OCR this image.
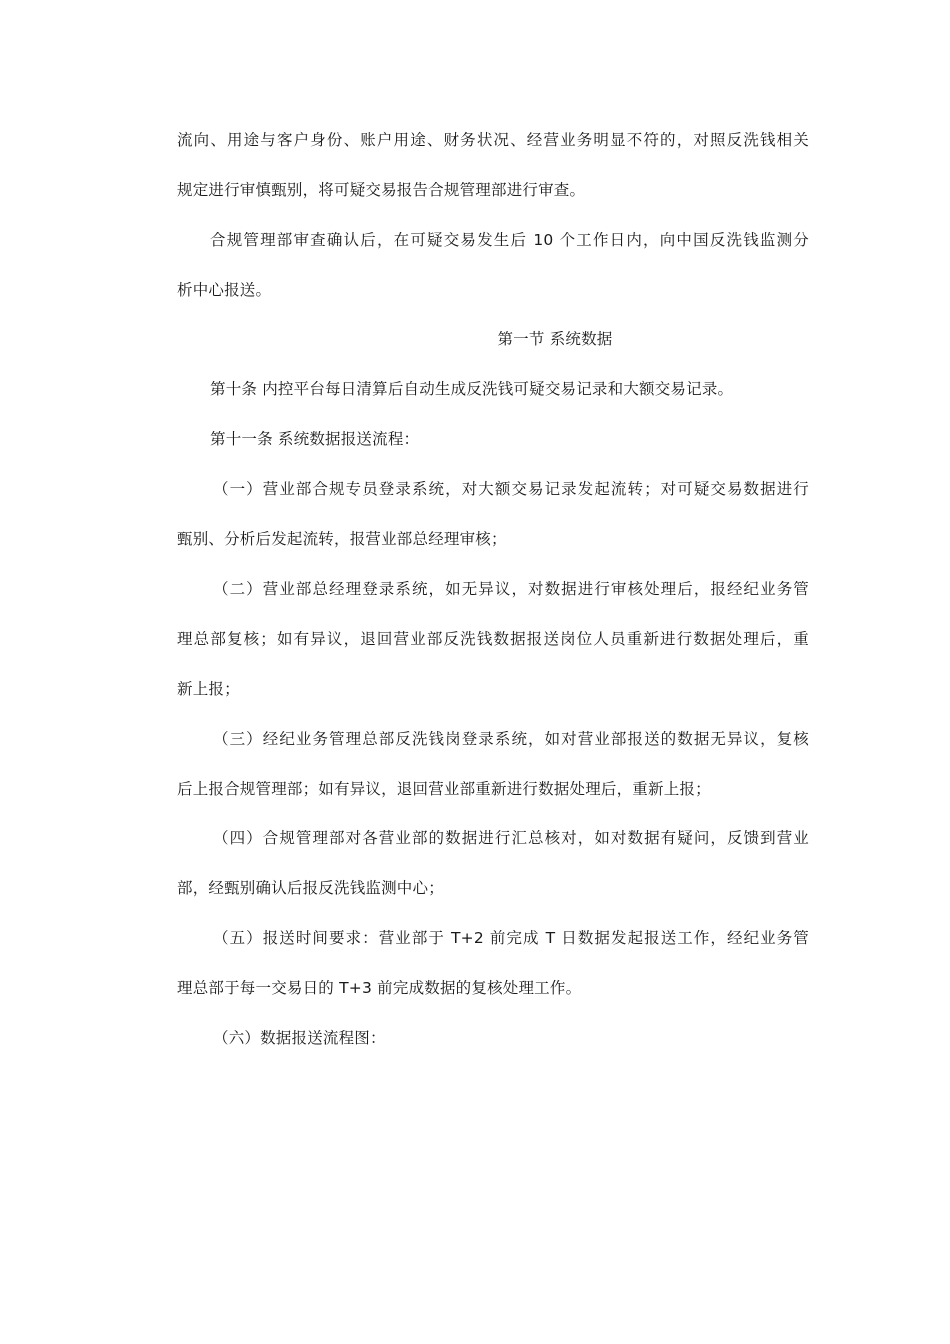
流向、用途与客户身份、账户用途、财务状况、经营业务明显不符的，对照反洗钱相关
规定进行审慎甄别，将可疑交易报告合规管理部进行审查。
合规管理部审查确认后，在可疑交易发生后 10 个工作日内，向中国反洗钱监测分
析中心报送。
第一节 系统数据
第十条 内控平台每日清算后自动生成反洗钱可疑交易记录和大额交易记录。
第十一条 系统数据报送流程：
（一）营业部合规专员登录系统，对大额交易记录发起流转；对可疑交易数据进行
甄别、分析后发起流转，报营业部总经理审核；
（二）营业部总经理登录系统，如无异议，对数据进行审核处理后，报经纪业务管
理总部复核；如有异议，退回营业部反洗钱数据报送岗位人员重新进行数据处理后，重
新上报；
（三）经纪业务管理总部反洗钱岗登录系统，如对营业部报送的数据无异议，复核
后上报合规管理部；如有异议，退回营业部重新进行数据处理后，重新上报；
（四）合规管理部对各营业部的数据进行汇总核对，如对数据有疑问，反馈到营业
部，经甄别确认后报反洗钱监测中心；
（五）报送时间要求：营业部于 T+2 前完成 T 日数据发起报送工作，经纪业务管
理总部于每一交易日的 T+3 前完成数据的复核处理工作。
（六）数据报送流程图：
